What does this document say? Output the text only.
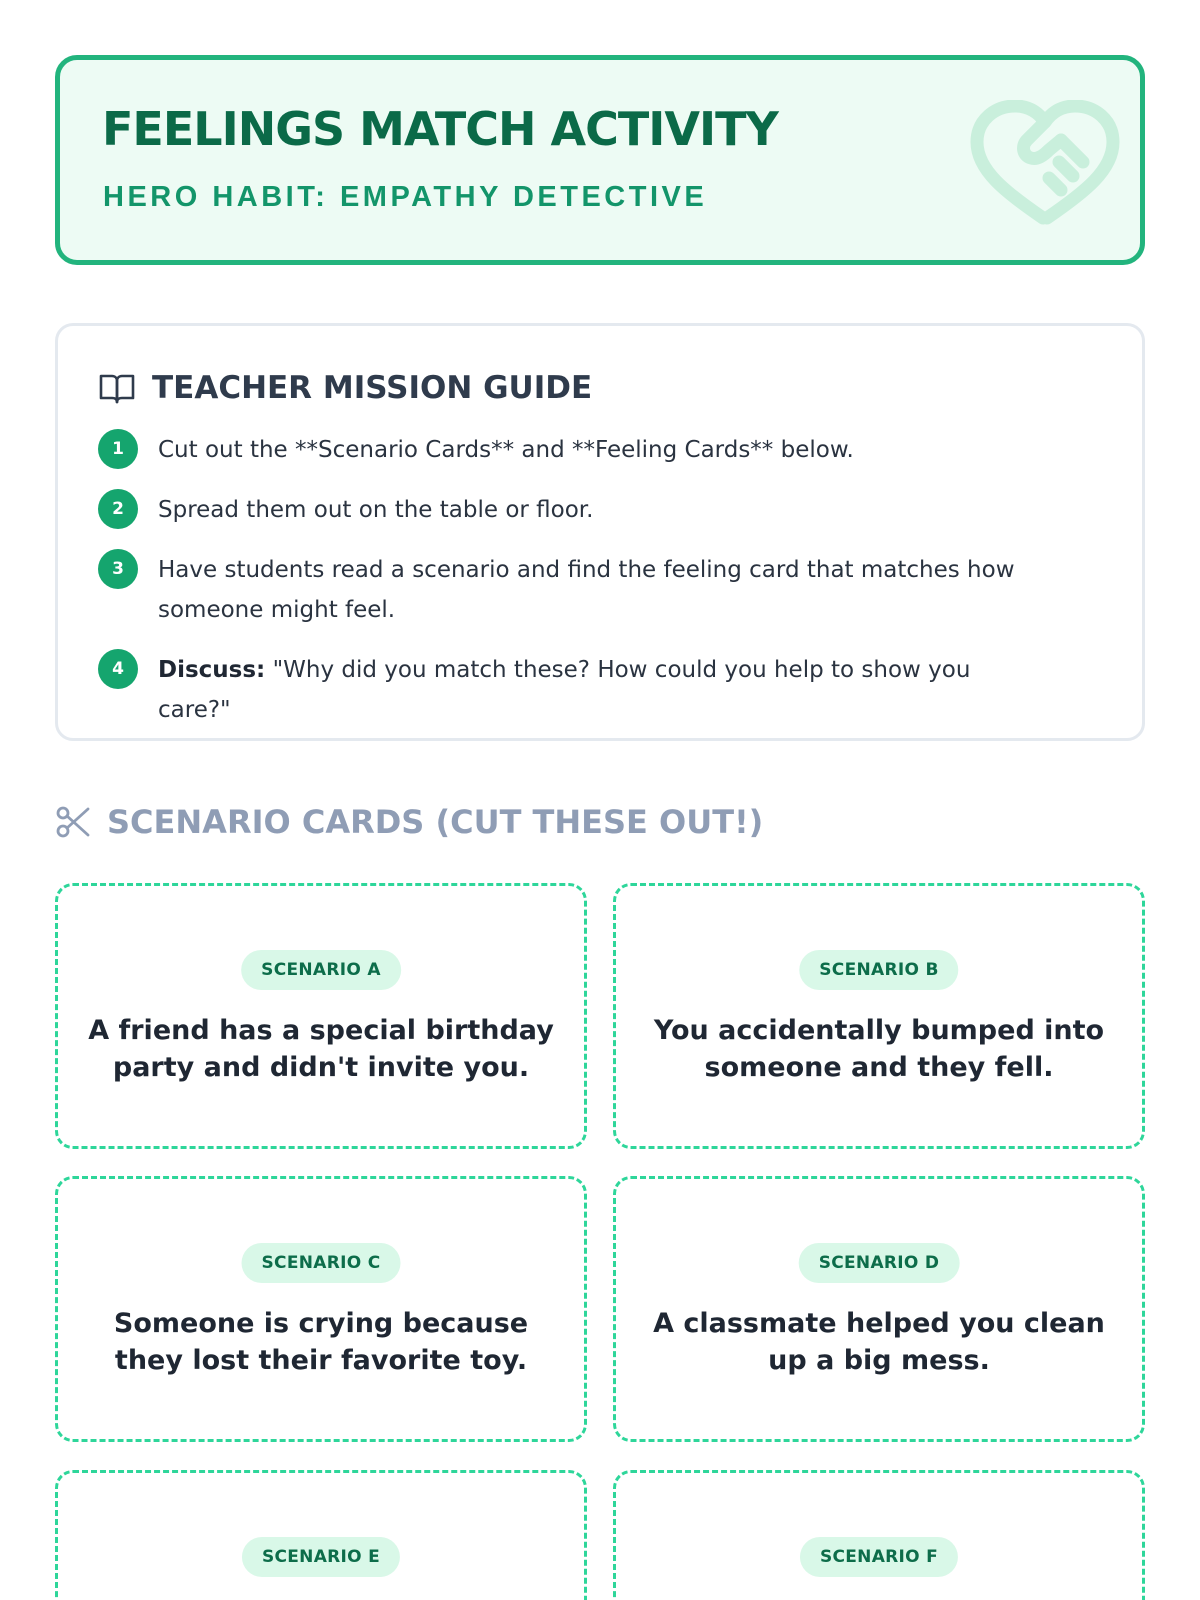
FEELINGS MATCH ACTIVITY
HERO HABIT: EMPATHY DETECTIVE
TEACHER MISSION GUIDE
1	Cut out the **Scenario Cards** and **Feeling Cards** below.
2	Spread them out on the table or floor.
3	Have students read a scenario and find the feeling card that matches how someone might feel.
4	Discuss: "Why did you match these? How could you help to show you care?"
SCENARIO CARDS (CUT THESE OUT!)
SCENARIO A
A friend has a special birthday party and didn't invite you.
SCENARIO B
You accidentally bumped into someone and they fell.
SCENARIO C
Someone is crying because they lost their favorite toy.
SCENARIO D
A classmate helped you clean up a big mess.
SCENARIO E	SCENARIO F
